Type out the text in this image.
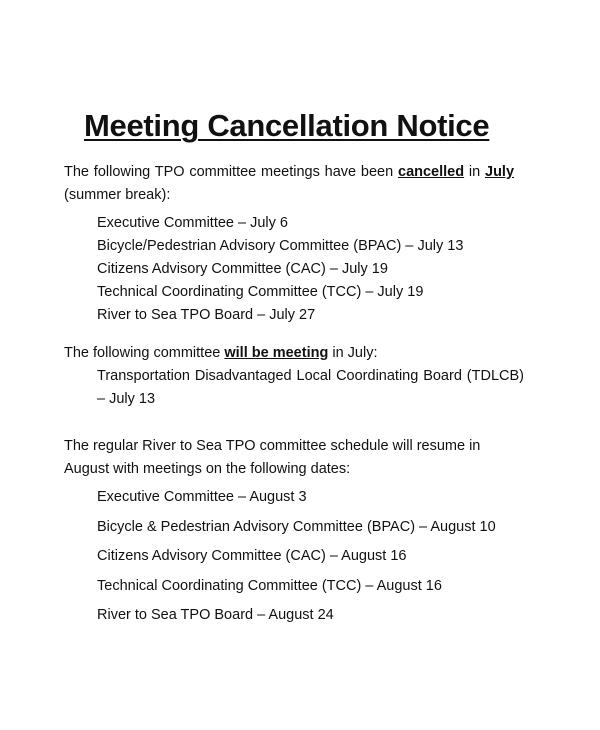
Meeting Cancellation Notice
The following TPO committee meetings have been cancelled in July (summer break):
Executive Committee – July 6
Bicycle/Pedestrian Advisory Committee (BPAC) – July 13
Citizens Advisory Committee (CAC) – July 19
Technical Coordinating Committee (TCC) – July 19
River to Sea TPO Board – July 27
The following committee will be meeting in July:
Transportation Disadvantaged Local Coordinating Board (TDLCB) – July 13
The regular River to Sea TPO committee schedule will resume in August with meetings on the following dates:
Executive Committee – August 3
Bicycle & Pedestrian Advisory Committee (BPAC) – August 10
Citizens Advisory Committee (CAC) – August 16
Technical Coordinating Committee (TCC) – August 16
River to Sea TPO Board – August 24
